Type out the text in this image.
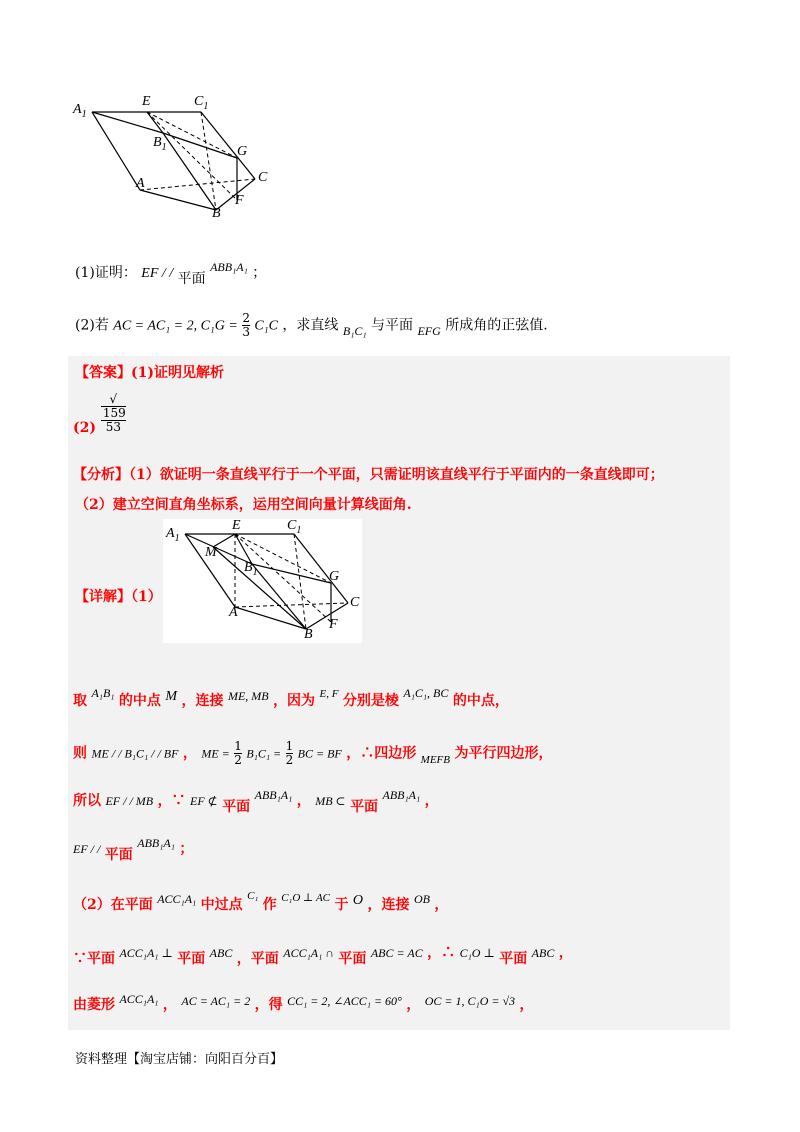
$A_1$
E	$C_1$
$B_1$	G
A	C
F
B
(1)证明： EF / / 平面 ABB₁A₁ ；
(2)若 AC = AC₁ = 2, $C_1G = \frac{2}{3} C_1C$ ，求直线 B₁C₁ 与平面 EFG 所成角的正弦值.
【答案】(1)证明见解析
(2) √
159
53
【分析】（1）欲证明一条直线平行于一个平面，只需证明该直线平行于平面内的一条直线即可；
（2）建立空间直角坐标系，运用空间向量计算线面角.
$A_1$
E	$C_1$
M
$B_1$	G
A
C
F
B
【详解】（1）
取 A₁B₁ 的中点 M ，连接 ME, MB ，因为 $^{E, F}$ 分别是棱 A₁C₁, BC 的中点，
则 ME / / B₁C₁ / / BF ， ME = $\frac{1}{2} B_1C_1 = \frac{1}{2}$ BC = BF ，∴四边形 $_{MEFB}$ 为平行四边形，
所以 EF / / MB ，∵ EF ⊄ 平面 ABB₁A₁ ， MB ⊂ 平面 ABB₁A₁ ，
EF / / 平面 ABB₁A₁ ；
（2）在平面 ACC₁A₁ 中过点 $^{C_1}$ 作 $^{C_1O \perp AC}$ 于 O ，连接 OB ，
∵平面 ACC₁A₁ ⊥ 平面 ABC ，平面 ACC₁A₁ ∩ 平面 ABC = AC ，∴ C₁O ⊥ 平面 ABC ，
由菱形 ACC₁A₁ ， AC = AC₁ = 2 ，得 CC₁ = 2, ∠ACC₁ = 60° ， OC = 1, C₁O = √3 ，
资料整理【淘宝店铺：向阳百分百】
